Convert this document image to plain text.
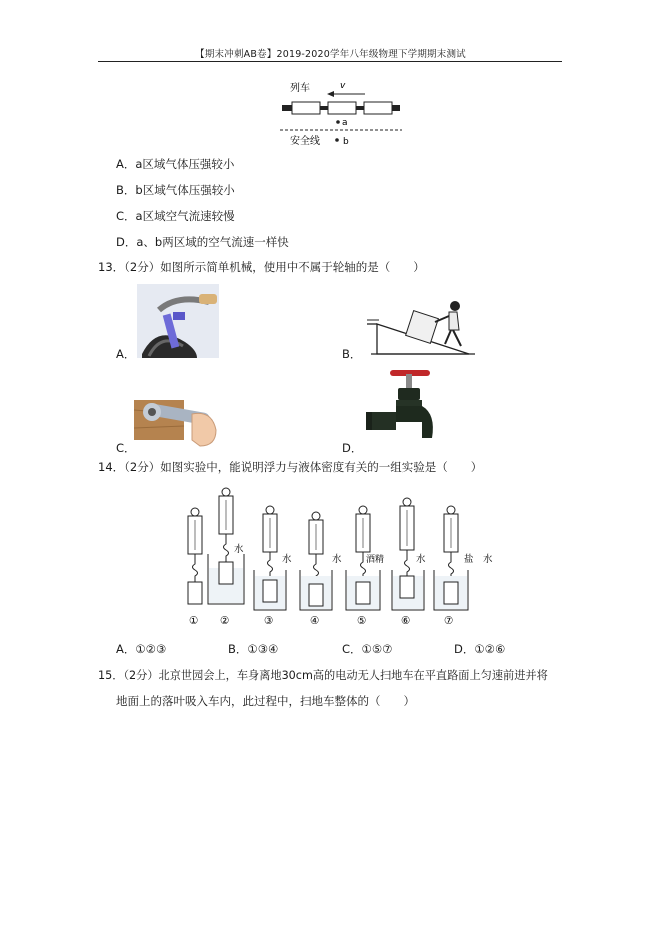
【期末冲刺AB卷】2019-2020学年八年级物理下学期期末测试
列车	v
a
安全线	b
A．a区域气体压强较小
B．b区域气体压强较小
C．a区域空气流速较慢
D．a、b两区域的空气流速一样快
13．（2分）如图所示简单机械，使用中不属于轮轴的是（　　）
A．	B．
C．	D．
14．（2分）如图实验中，能说明浮力与液体密度有关的一组实验是（　　）
水
水	水	酒精	水	盐　水
① ②	③	④	⑤	⑥	⑦
A．①②③	B．①③④	C．①⑤⑦	D．①②⑥
15．（2分）北京世园会上，车身离地30cm高的电动无人扫地车在平直路面上匀速前进并将
地面上的落叶吸入车内，此过程中，扫地车整体的（　　）
